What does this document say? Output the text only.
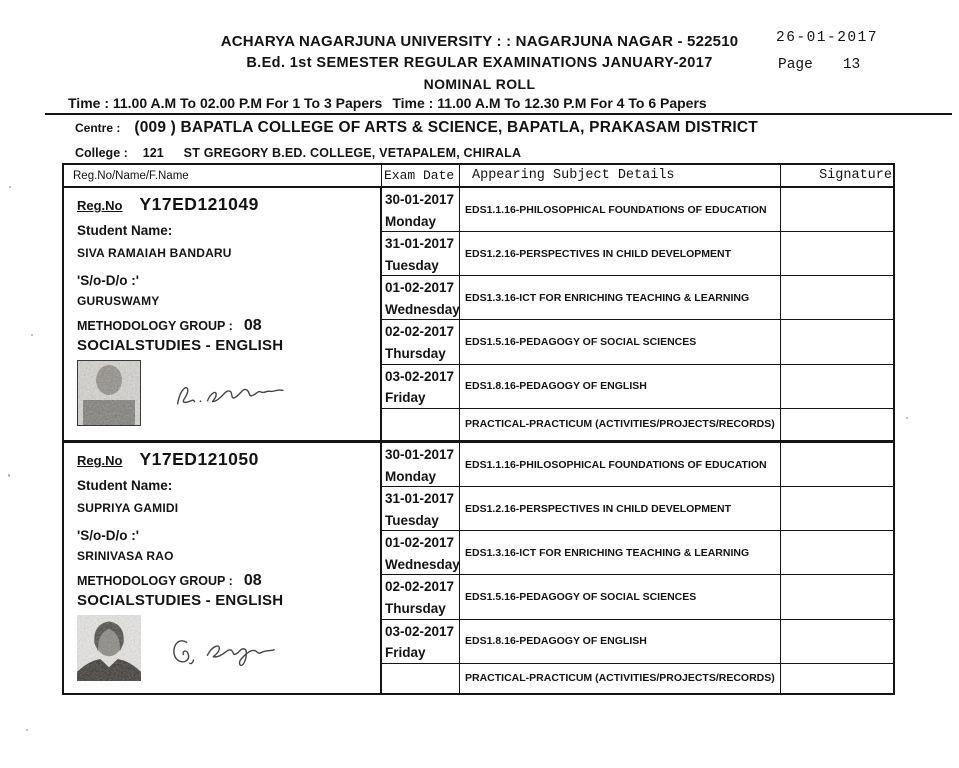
ACHARYA NAGARJUNA UNIVERSITY : : NAGARJUNA NAGAR - 522510
B.Ed. 1st SEMESTER REGULAR EXAMINATIONS JANUARY-2017
NOMINAL ROLL
26-01-2017
Page 13
Time : 11.00 A.M To 02.00 P.M For 1 To 3 Papers Time : 11.00 A.M To 12.30 P.M For 4 To 6 Papers
Centre : (009 ) BAPATLA COLLEGE OF ARTS & SCIENCE, BAPATLA, PRAKASAM DISTRICT
College : 121 ST GREGORY B.ED. COLLEGE, VETAPALEM, CHIRALA
Reg.No/Name/F.Name	Exam Date	Appearing Subject Details	Signature
Reg.No Y17ED121049
Student Name:
SIVA RAMAIAH BANDARU
'S/o-D/o :'
GURUSWAMY
METHODOLOGY GROUP : 08
SOCIALSTUDIES - ENGLISH
30-01-2017
Monday
EDS1.1.16-PHILOSOPHICAL FOUNDATIONS OF EDUCATION
31-01-2017
Tuesday
EDS1.2.16-PERSPECTIVES IN CHILD DEVELOPMENT
01-02-2017
Wednesday
EDS1.3.16-ICT FOR ENRICHING TEACHING & LEARNING
02-02-2017
Thursday
EDS1.5.16-PEDAGOGY OF SOCIAL SCIENCES
03-02-2017
Friday
EDS1.8.16-PEDAGOGY OF ENGLISH
PRACTICAL-PRACTICUM (ACTIVITIES/PROJECTS/RECORDS)
Reg.No Y17ED121050
Student Name:
SUPRIYA GAMIDI
'S/o-D/o :'
SRINIVASA RAO
METHODOLOGY GROUP : 08
SOCIALSTUDIES - ENGLISH
30-01-2017
Monday
EDS1.1.16-PHILOSOPHICAL FOUNDATIONS OF EDUCATION
31-01-2017
Tuesday
EDS1.2.16-PERSPECTIVES IN CHILD DEVELOPMENT
01-02-2017
Wednesday
EDS1.3.16-ICT FOR ENRICHING TEACHING & LEARNING
02-02-2017
Thursday
EDS1.5.16-PEDAGOGY OF SOCIAL SCIENCES
03-02-2017
Friday
EDS1.8.16-PEDAGOGY OF ENGLISH
PRACTICAL-PRACTICUM (ACTIVITIES/PROJECTS/RECORDS)
